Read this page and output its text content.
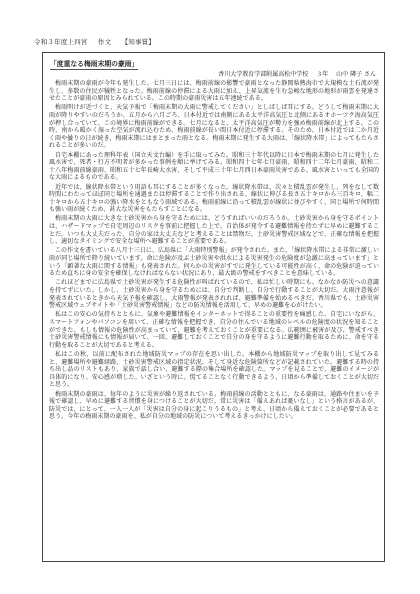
令和３年度上四宮 作文 【知事賞】
「度重なる梅雨末期の豪雨」
香川大学教育学部附属高松中学校 ３年 山中 隣子 さん

梅雨末期の豪雨が今年も発生した。七月三日には、梅雨前線の影響で豪雨となった静岡県熱海市で大規模な土石流が発生し、多数の住民が犠牲となった。梅雨前線の停滞による大雨に加え、上昇気流を生む急峻な地形の地形が雨雲を発達させたことが豪雨の原因とみられている。この時期の豪雨災害は五年連続である。

梅雨明けが近づくと、天気予報で「梅雨末期の大雨に警戒してください」としばしば耳にする。どうして梅雨末期に大雨が降りやすいのだろうか。五月から六月ごろ、日本付近では南側にある太平洋高気圧と北側にあるオホーツク海高気圧が押し合っていて、この境界に梅雨前線ができる。七月になると、太平洋高気圧が勢力を強め梅雨前線が北上する。この時、南から暖かく湿った空気が流れ込むため、梅雨前線が長い間日本付近に停滞する。そのため、日本付近では二か月近く雨や曇りの日が続き、梅雨末期にはまとまった雨となる。梅雨末期に発生する大雨は、「線状降水帯」によってもたらされることが多いのだ。

自宅本棚にあった理科年表（国立天文台編）を手に取ってみた。昭和三十年代以降に日本で梅雨末期の七月に発生した風水害で、死者・行方不明者が多かった事例を順に挙げてみる。昭和四十七年七月豪雨、昭和四十二年七月豪雨、昭和二十八年梅雨前線豪雨、昭和五十七年長崎大水害、そして平成三十年七月西日本豪雨災害である。風水害といっても全国的な大雨によるものである。

近年では、線状降水帯という用語も耳にすることが多くなった。線状降水帯は、次々と積乱雲が発生し、列をなして数時間にわたってほぼ同じ場所を通過または停滞することで作り出される、線状に伸びる長さ五十キロから三百キロ、幅二十キロから五十キロの強い降水をともなう雨域である。梅雨前線に沿って積乱雲が線状に並びやすく、同じ場所で何時間も強い雨が続くため、甚大な災害をもたらすことになる。

梅雨末期の大雨に大きな土砂災害から身を守るためには、どうすればいいのだろうか。土砂災害から身を守るポイントは、ハザードマップで自宅周辺のリスクを事前に把握した上で、自治体が発令する避難情報を待たずに早めに避難することだ。いつも大丈夫だった、自分の家は大丈夫などと考えることは禁物だ。土砂災害警戒区域などで、正確な情報を把握し、適切なタイミングで安全な場所へ避難することが重要である。

この作文を書いている八月十三日に、広島県に「大雨特別警報」が発令された。また、「線状降水帯による非常に激しい雨が同じ場所で降り続いています。命に危険が及ぶ土砂災害や洪水による災害発生の危険度が急激に高まっています」という「顕著な大雨に関する情報」も発表された。何らかの災害がすでに発生している可能性が高く、命の危険が迫っているため直ちに身の安全を確保しなければならない状況にあり、最大級の警戒をすべきことを意味している。

これほどまでに広島県で土砂災害が発生する危険性が叫ばれているので、私は忙しい時期にも、なかなか防災への意識を持てずにいた。しかし、土砂災害から身を守るためには、自分で判断し、自分で行動することが大切だ。大雨注意報が発表されているときから天気予報を確認し、大雨警報が発表されれば、避難準備を始めるべきだ。香川県でも、土砂災害警戒区域ウェブサイトや「土砂災害警戒情報」などの防災情報を活用して、早めの避難を心がけたい。

私はこの安心の気持ちとともに、気象や避難情報をインターネットで得ることの重要性を痛感した。自宅にいながら、スマートフォンやパソコンを用いて、正確な情報を把握でき、自分の住んでいる地域のレベルの危険度の状況を知ることができた。もしも情報の危険性が高まっていて、避難を考えておくことが重要になる。広範囲に被害が及び、警戒すべき土砂災害警戒情報にも情報が届いて、一回、避難しておくことで自分の身を守るように避難行動を取るために、命を守る行動を取ることが大切であると考える。

私はこの秋、以前に配布された地域防災マップの存在を思い出した。本棚から地域防災マップを取り出して見てみると、避難場所や避難経路、土砂災害警戒区域の指定状況、そして身近な危険箇所などが記載されていた。避難する時の持ち出し品のリストもあり、家族で話し合い、避難する際の集合場所を確認した。マップを見ることで、避難のイメージが具体的になり、安心感が増した。いざという時に、慌てることなく行動できるよう、日頃から準備しておくことが大切だと思う。

梅雨末期の豪雨は、毎年のように災害が繰り返されている。梅雨前線の活動とともに、なる豪雨は、通路や住まいを予報で確認し、早めに避難する習慣を身につけることが大切だ。常に災害は「備えあれば憂いなし」という格言があるが、防災では、にとって、一人一人が「災害は自分の身に起こりうるもの」と考え、日頃から備えておくことが必要であると思う。今年の梅雨末期の豪雨を、私が自分の地域の防災について考えるきっかけにしたい。
